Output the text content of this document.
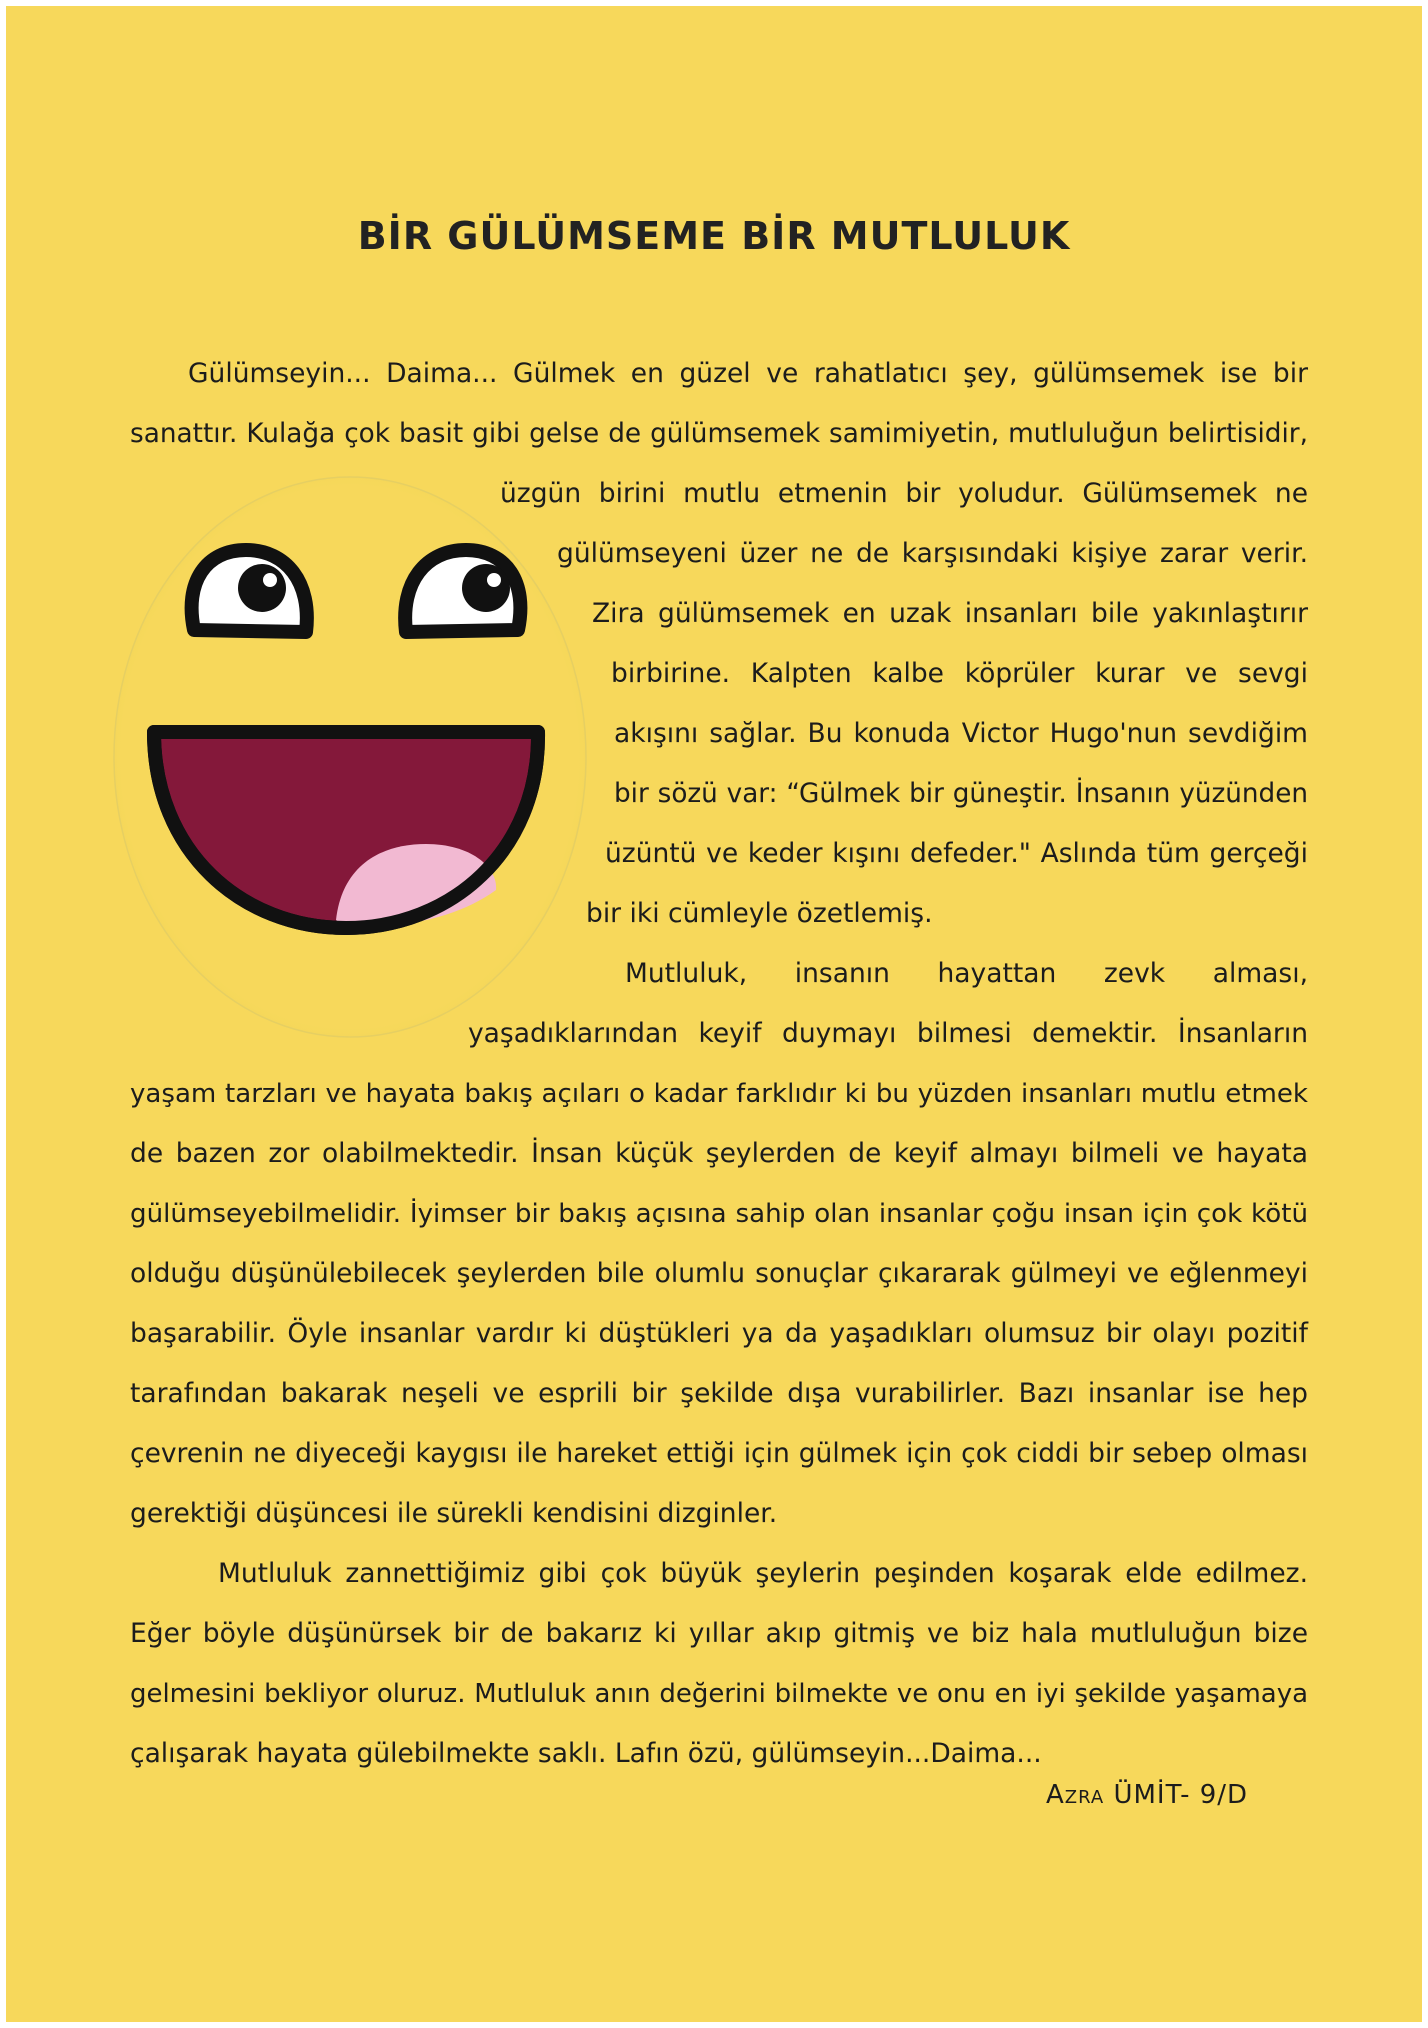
BİR GÜLÜMSEME BİR MUTLULUK
Gülümseyin... Daima... Gülmek en güzel ve rahatlatıcı şey, gülümsemek ise bir
sanattır. Kulağa çok basit gibi gelse de gülümsemek samimiyetin, mutluluğun belirtisidir,
üzgün birini mutlu etmenin bir yoludur. Gülümsemek ne
gülümseyeni üzer ne de karşısındaki kişiye zarar verir.
Zira gülümsemek en uzak insanları bile yakınlaştırır
birbirine. Kalpten kalbe köprüler kurar ve sevgi
akışını sağlar. Bu konuda Victor Hugo'nun sevdiğim
bir sözü var: “Gülmek bir güneştir. İnsanın yüzünden
üzüntü ve keder kışını defeder." Aslında tüm gerçeği
bir iki cümleyle özetlemiş.
Mutluluk, insanın hayattan zevk alması,
yaşadıklarından keyif duymayı bilmesi demektir. İnsanların
yaşam tarzları ve hayata bakış açıları o kadar farklıdır ki bu yüzden insanları mutlu etmek
de bazen zor olabilmektedir. İnsan küçük şeylerden de keyif almayı bilmeli ve hayata
gülümseyebilmelidir. İyimser bir bakış açısına sahip olan insanlar çoğu insan için çok kötü
olduğu düşünülebilecek şeylerden bile olumlu sonuçlar çıkararak gülmeyi ve eğlenmeyi
başarabilir. Öyle insanlar vardır ki düştükleri ya da yaşadıkları olumsuz bir olayı pozitif
tarafından bakarak neşeli ve esprili bir şekilde dışa vurabilirler. Bazı insanlar ise hep
çevrenin ne diyeceği kaygısı ile hareket ettiği için gülmek için çok ciddi bir sebep olması
gerektiği düşüncesi ile sürekli kendisini dizginler.
Mutluluk zannettiğimiz gibi çok büyük şeylerin peşinden koşarak elde edilmez.
Eğer böyle düşünürsek bir de bakarız ki yıllar akıp gitmiş ve biz hala mutluluğun bize
gelmesini bekliyor oluruz. Mutluluk anın değerini bilmekte ve onu en iyi şekilde yaşamaya
çalışarak hayata gülebilmekte saklı. Lafın özü, gülümseyin...Daima...
Azra ÜMİT- 9/D
